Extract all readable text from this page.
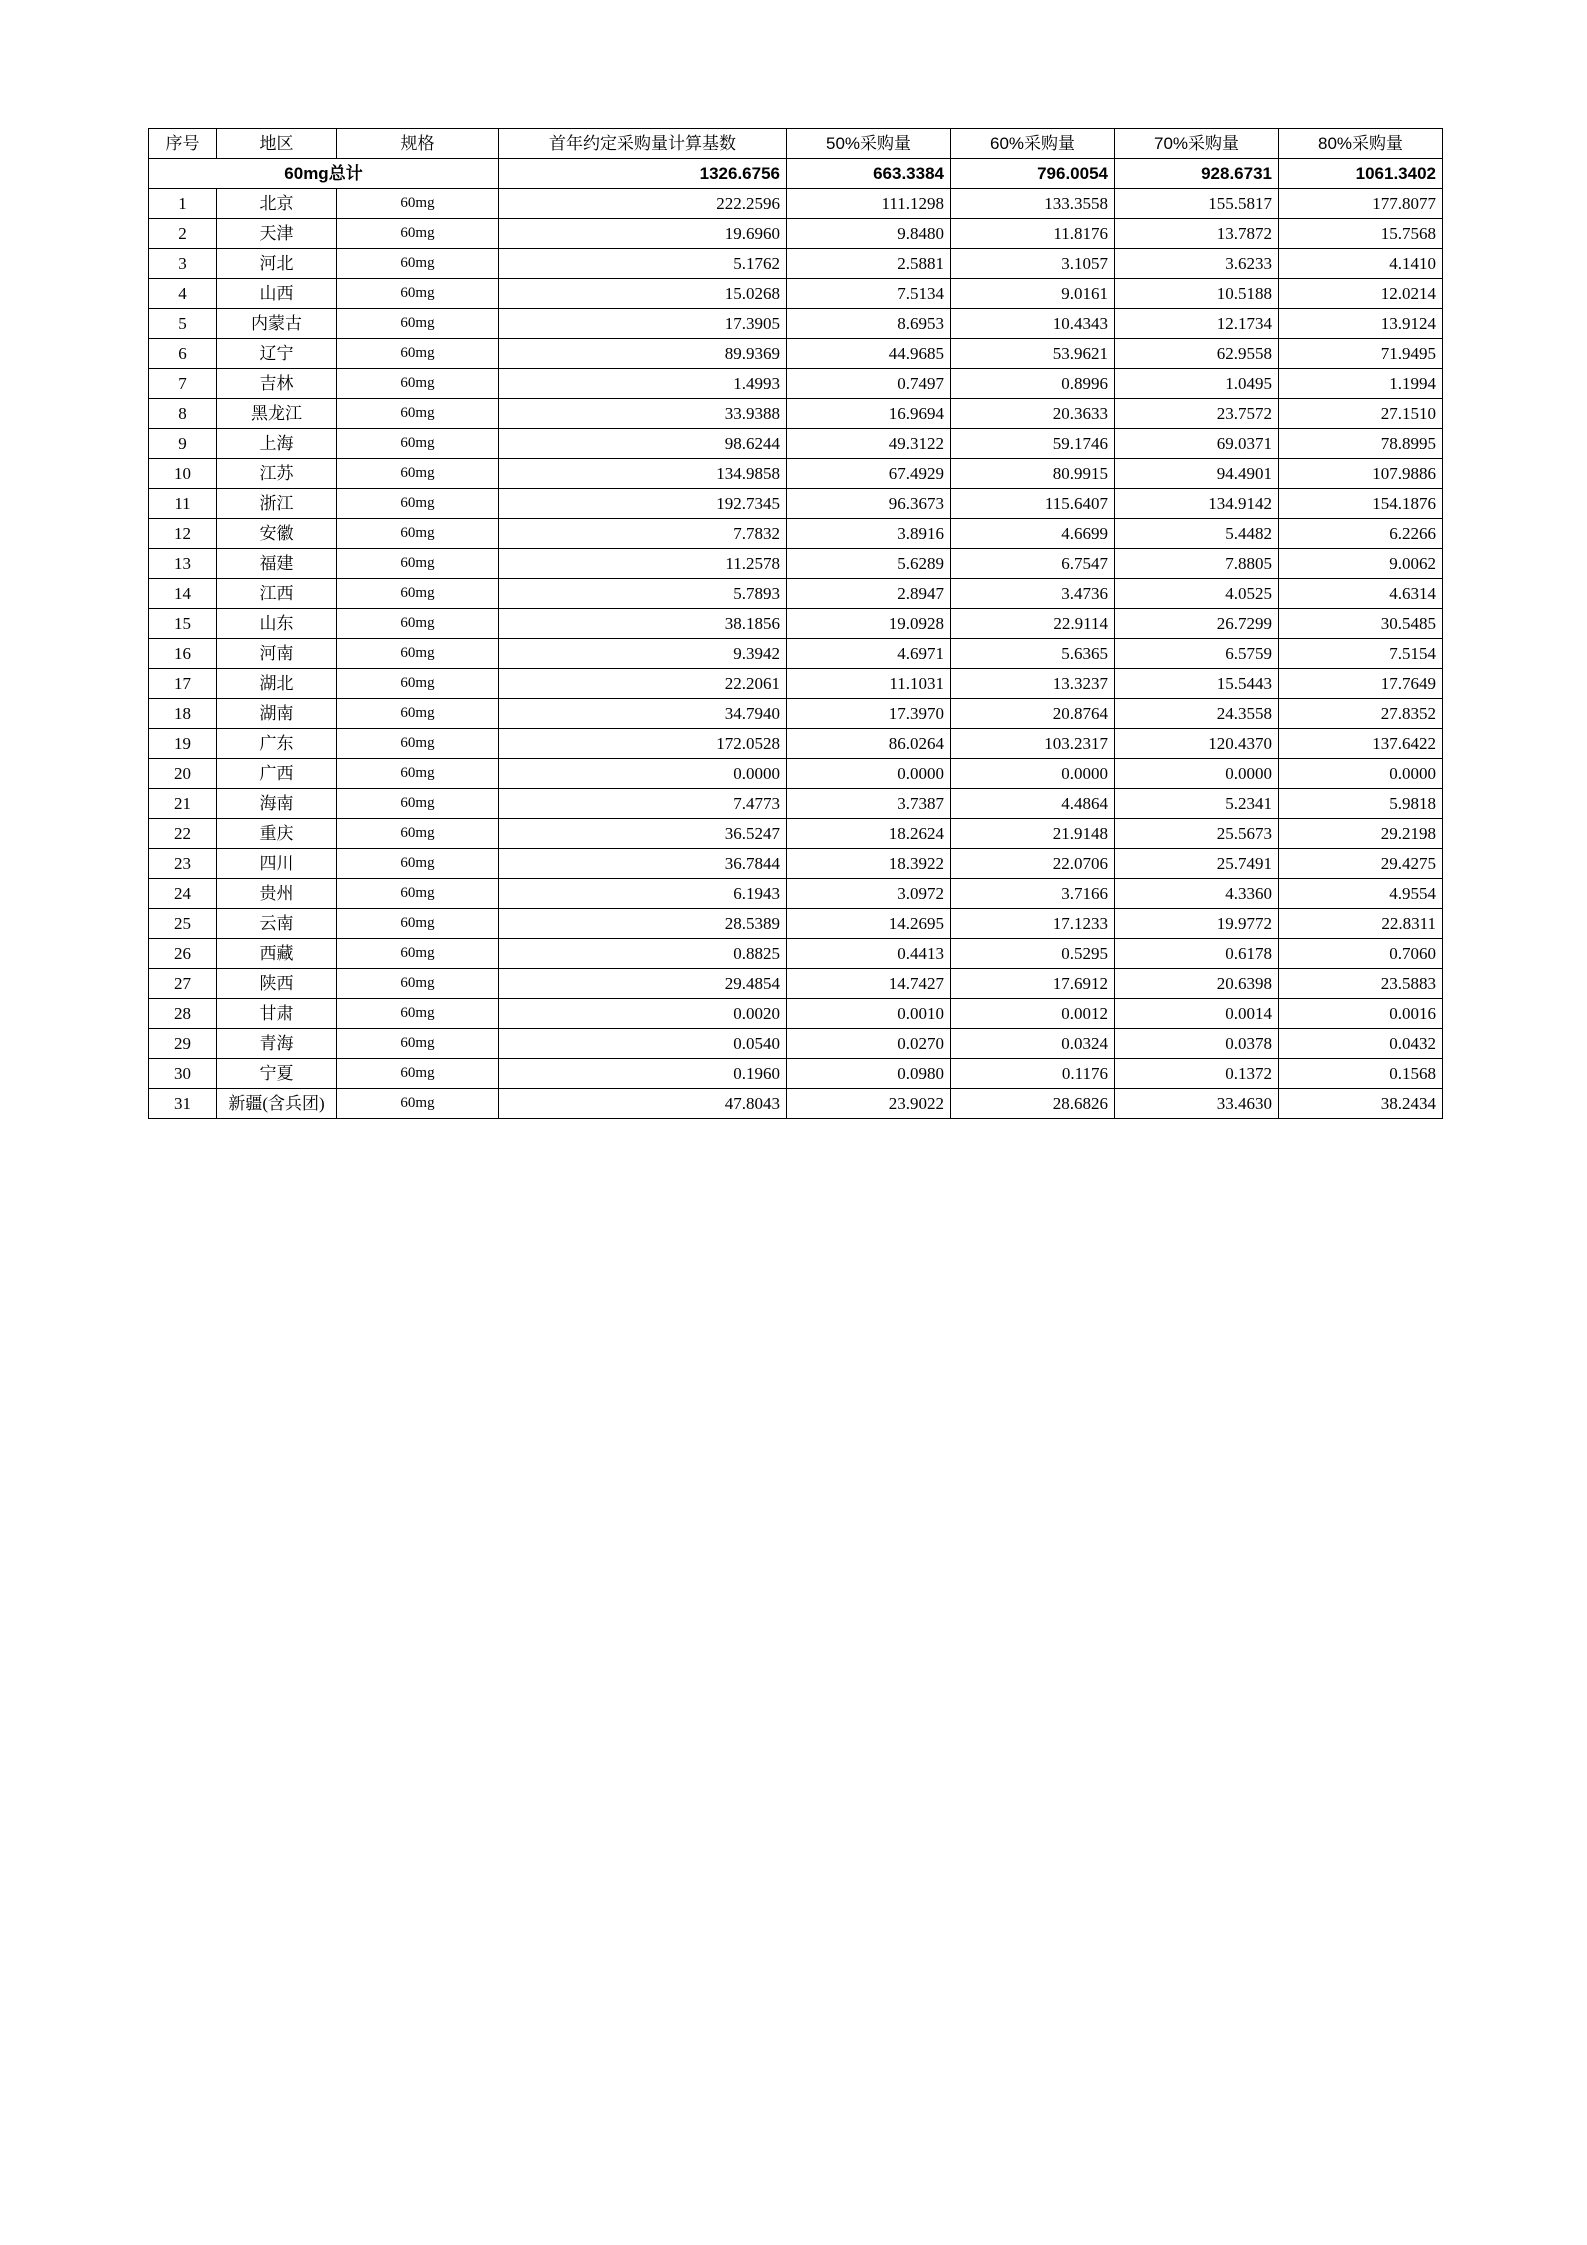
序号	地区	规格	首年约定采购量计算基数	50%采购量	60%采购量	70%采购量	80%采购量
60mg总计			1326.6756	663.3384	796.0054	928.6731	1061.3402
1	北京	60mg	222.2596	111.1298	133.3558	155.5817	177.8077
2	天津	60mg	19.6960	9.8480	11.8176	13.7872	15.7568
3	河北	60mg	5.1762	2.5881	3.1057	3.6233	4.1410
4	山西	60mg	15.0268	7.5134	9.0161	10.5188	12.0214
5	内蒙古	60mg	17.3905	8.6953	10.4343	12.1734	13.9124
6	辽宁	60mg	89.9369	44.9685	53.9621	62.9558	71.9495
7	吉林	60mg	1.4993	0.7497	0.8996	1.0495	1.1994
8	黑龙江	60mg	33.9388	16.9694	20.3633	23.7572	27.1510
9	上海	60mg	98.6244	49.3122	59.1746	69.0371	78.8995
10	江苏	60mg	134.9858	67.4929	80.9915	94.4901	107.9886
11	浙江	60mg	192.7345	96.3673	115.6407	134.9142	154.1876
12	安徽	60mg	7.7832	3.8916	4.6699	5.4482	6.2266
13	福建	60mg	11.2578	5.6289	6.7547	7.8805	9.0062
14	江西	60mg	5.7893	2.8947	3.4736	4.0525	4.6314
15	山东	60mg	38.1856	19.0928	22.9114	26.7299	30.5485
16	河南	60mg	9.3942	4.6971	5.6365	6.5759	7.5154
17	湖北	60mg	22.2061	11.1031	13.3237	15.5443	17.7649
18	湖南	60mg	34.7940	17.3970	20.8764	24.3558	27.8352
19	广东	60mg	172.0528	86.0264	103.2317	120.4370	137.6422
20	广西	60mg	0.0000	0.0000	0.0000	0.0000	0.0000
21	海南	60mg	7.4773	3.7387	4.4864	5.2341	5.9818
22	重庆	60mg	36.5247	18.2624	21.9148	25.5673	29.2198
23	四川	60mg	36.7844	18.3922	22.0706	25.7491	29.4275
24	贵州	60mg	6.1943	3.0972	3.7166	4.3360	4.9554
25	云南	60mg	28.5389	14.2695	17.1233	19.9772	22.8311
26	西藏	60mg	0.8825	0.4413	0.5295	0.6178	0.7060
27	陕西	60mg	29.4854	14.7427	17.6912	20.6398	23.5883
28	甘肃	60mg	0.0020	0.0010	0.0012	0.0014	0.0016
29	青海	60mg	0.0540	0.0270	0.0324	0.0378	0.0432
30	宁夏	60mg	0.1960	0.0980	0.1176	0.1372	0.1568
31	新疆(含兵团)	60mg	47.8043	23.9022	28.6826	33.4630	38.2434
